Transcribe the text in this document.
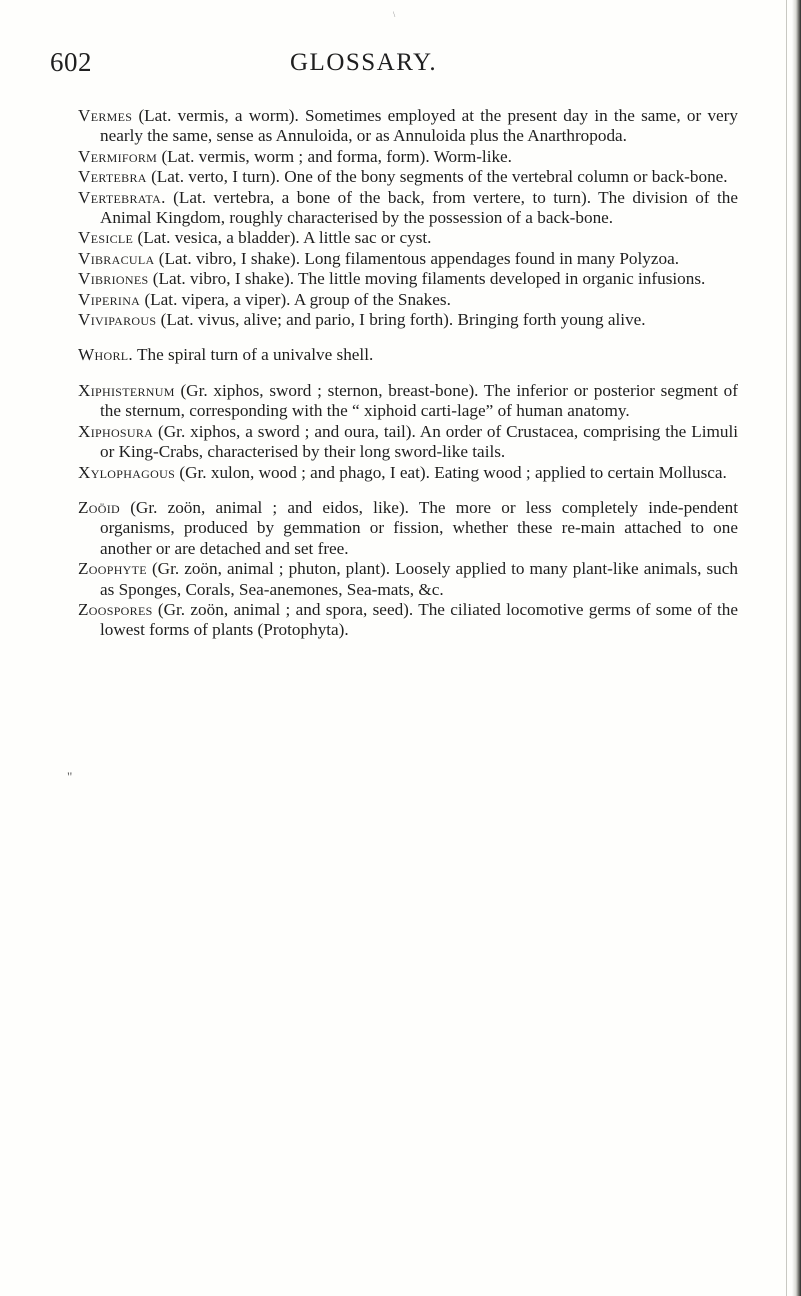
\
602	GLOSSARY.

Vermes (Lat. vermis, a worm). Sometimes employed at the present day in the same, or very nearly the same, sense as Annuloida, or as Annuloida plus the Anarthropoda.

Vermiform (Lat. vermis, worm ; and forma, form). Worm-like.

Vertebra (Lat. verto, I turn). One of the bony segments of the vertebral column or back-bone.

Vertebrata. (Lat. vertebra, a bone of the back, from vertere, to turn). The division of the Animal Kingdom, roughly characterised by the possession of a back-bone.

Vesicle (Lat. vesica, a bladder). A little sac or cyst.

Vibracula (Lat. vibro, I shake). Long filamentous appendages found in many Polyzoa.

Vibriones (Lat. vibro, I shake). The little moving filaments developed in organic infusions.

Viperina (Lat. vipera, a viper). A group of the Snakes.

Viviparous (Lat. vivus, alive; and pario, I bring forth). Bringing forth young alive.

Whorl. The spiral turn of a univalve shell.

Xiphisternum (Gr. xiphos, sword ; sternon, breast-bone). The inferior or posterior segment of the sternum, corresponding with the “ xiphoid carti-lage” of human anatomy.

Xiphosura (Gr. xiphos, a sword ; and oura, tail). An order of Crustacea, comprising the Limuli or King-Crabs, characterised by their long sword-like tails.

Xylophagous (Gr. xulon, wood ; and phago, I eat). Eating wood ; applied to certain Mollusca.

Zoöid (Gr. zoön, animal ; and eidos, like). The more or less completely inde-pendent organisms, produced by gemmation or fission, whether these re-main attached to one another or are detached and set free.

Zoophyte (Gr. zoön, animal ; phuton, plant). Loosely applied to many plant-like animals, such as Sponges, Corals, Sea-anemones, Sea-mats, &c.

Zoospores (Gr. zoön, animal ; and spora, seed). The ciliated locomotive germs of some of the lowest forms of plants (Protophyta).

"
